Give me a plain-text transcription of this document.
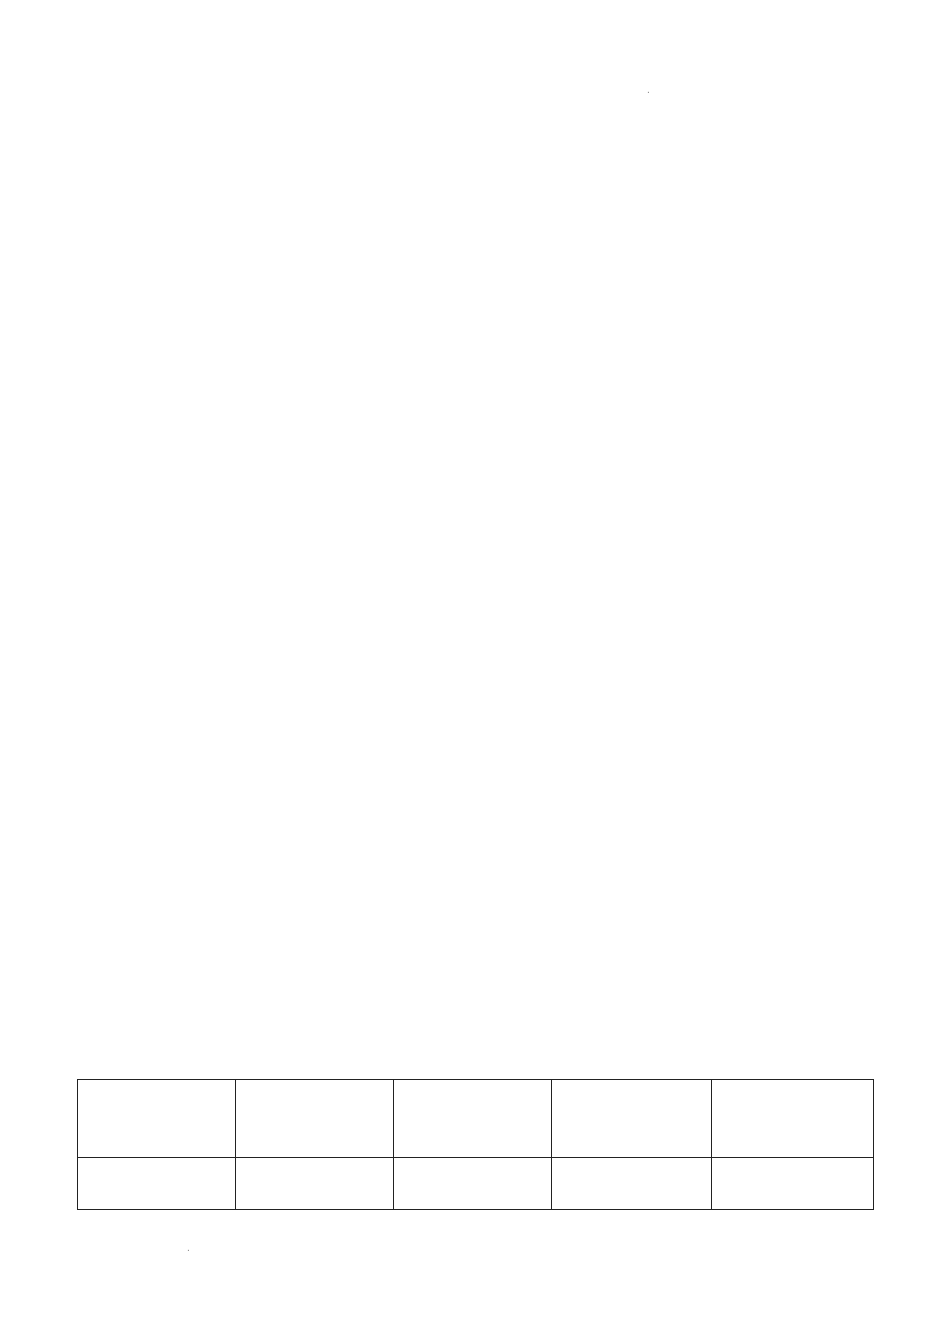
.

.
